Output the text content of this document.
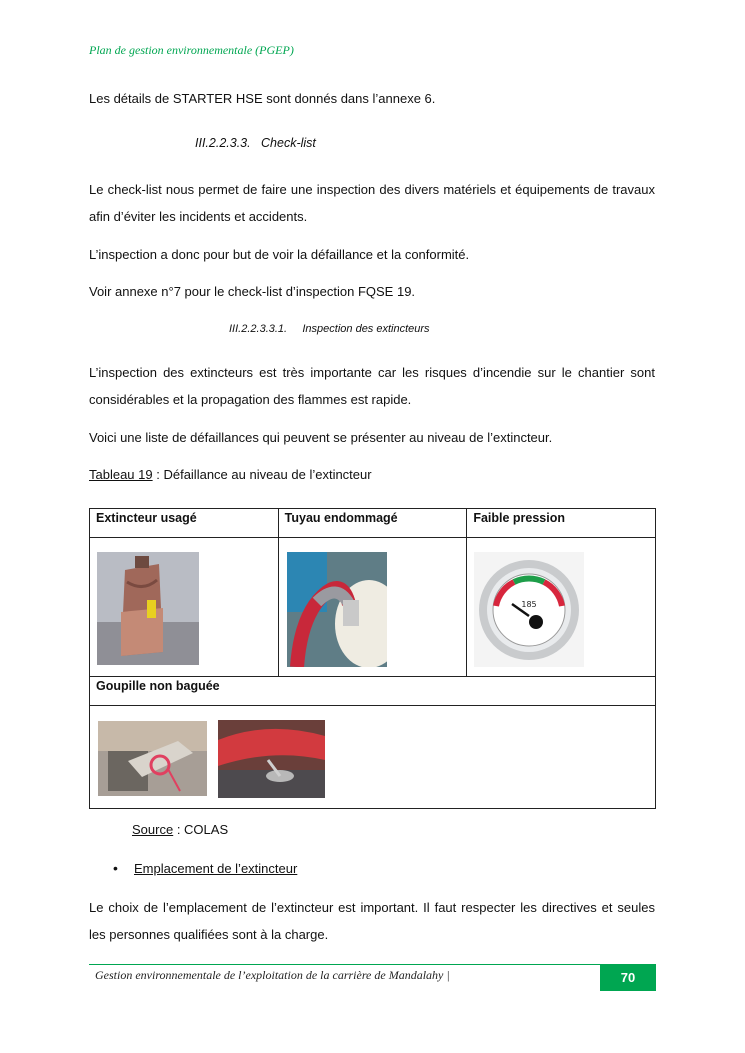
Plan de gestion environnementale (PGEP)
Les détails de STARTER HSE sont donnés dans l’annexe 6.
III.2.2.3.3. Check-list
Le check-list nous permet de faire une inspection des divers matériels et équipements de travaux afin d’éviter les incidents et accidents.
L’inspection a donc pour but de voir la défaillance et la conformité.
Voir annexe n°7 pour le check-list d’inspection FQSE 19.
III.2.2.3.3.1. Inspection des extincteurs
L’inspection des extincteurs est très importante car les risques d’incendie sur le chantier sont considérables et la propagation des flammes est rapide.
Voici une liste de défaillances qui peuvent se présenter au niveau de l’extincteur.
Tableau 19 : Défaillance au niveau de l’extincteur
Extincteur usagé	Tuyau endommagé	Faible pression

185

Goupille non baguée		

Source : COLAS
• Emplacement de l’extincteur
Le choix de l’emplacement de l’extincteur est important. Il faut respecter les directives et seules les personnes qualifiées sont à la charge.
Gestion environnementale de l’exploitation de la carrière de Mandalahy |	70
